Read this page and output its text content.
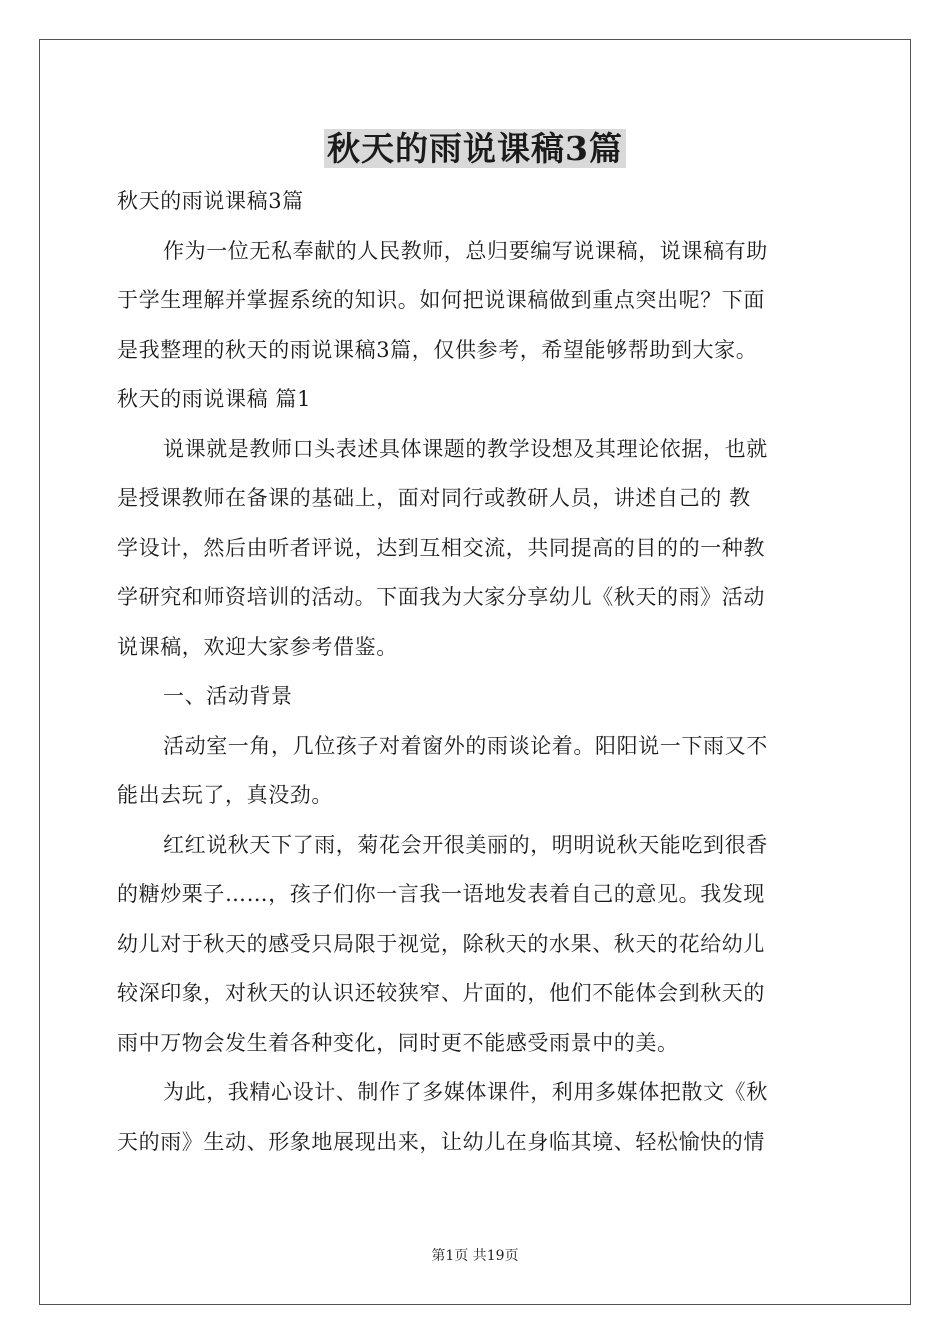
秋天的雨说课稿3篇
秋天的雨说课稿3篇
作为一位无私奉献的人民教师，总归要编写说课稿，说课稿有助
于学生理解并掌握系统的知识。如何把说课稿做到重点突出呢？下面
是我整理的秋天的雨说课稿3篇，仅供参考，希望能够帮助到大家。
秋天的雨说课稿 篇1
说课就是教师口头表述具体课题的教学设想及其理论依据，也就
是授课教师在备课的基础上，面对同行或教研人员，讲述自己的 教
学设计，然后由听者评说，达到互相交流，共同提高的目的的一种教
学研究和师资培训的活动。下面我为大家分享幼儿《秋天的雨》活动
说课稿，欢迎大家参考借鉴。
一、活动背景
活动室一角，几位孩子对着窗外的雨谈论着。阳阳说一下雨又不
能出去玩了，真没劲。
红红说秋天下了雨，菊花会开很美丽的，明明说秋天能吃到很香
的糖炒栗子……，孩子们你一言我一语地发表着自己的意见。我发现
幼儿对于秋天的感受只局限于视觉，除秋天的水果、秋天的花给幼儿
较深印象，对秋天的认识还较狭窄、片面的，他们不能体会到秋天的
雨中万物会发生着各种变化，同时更不能感受雨景中的美。
为此，我精心设计、制作了多媒体课件，利用多媒体把散文《秋
天的雨》生动、形象地展现出来，让幼儿在身临其境、轻松愉快的情
第1页 共19页
